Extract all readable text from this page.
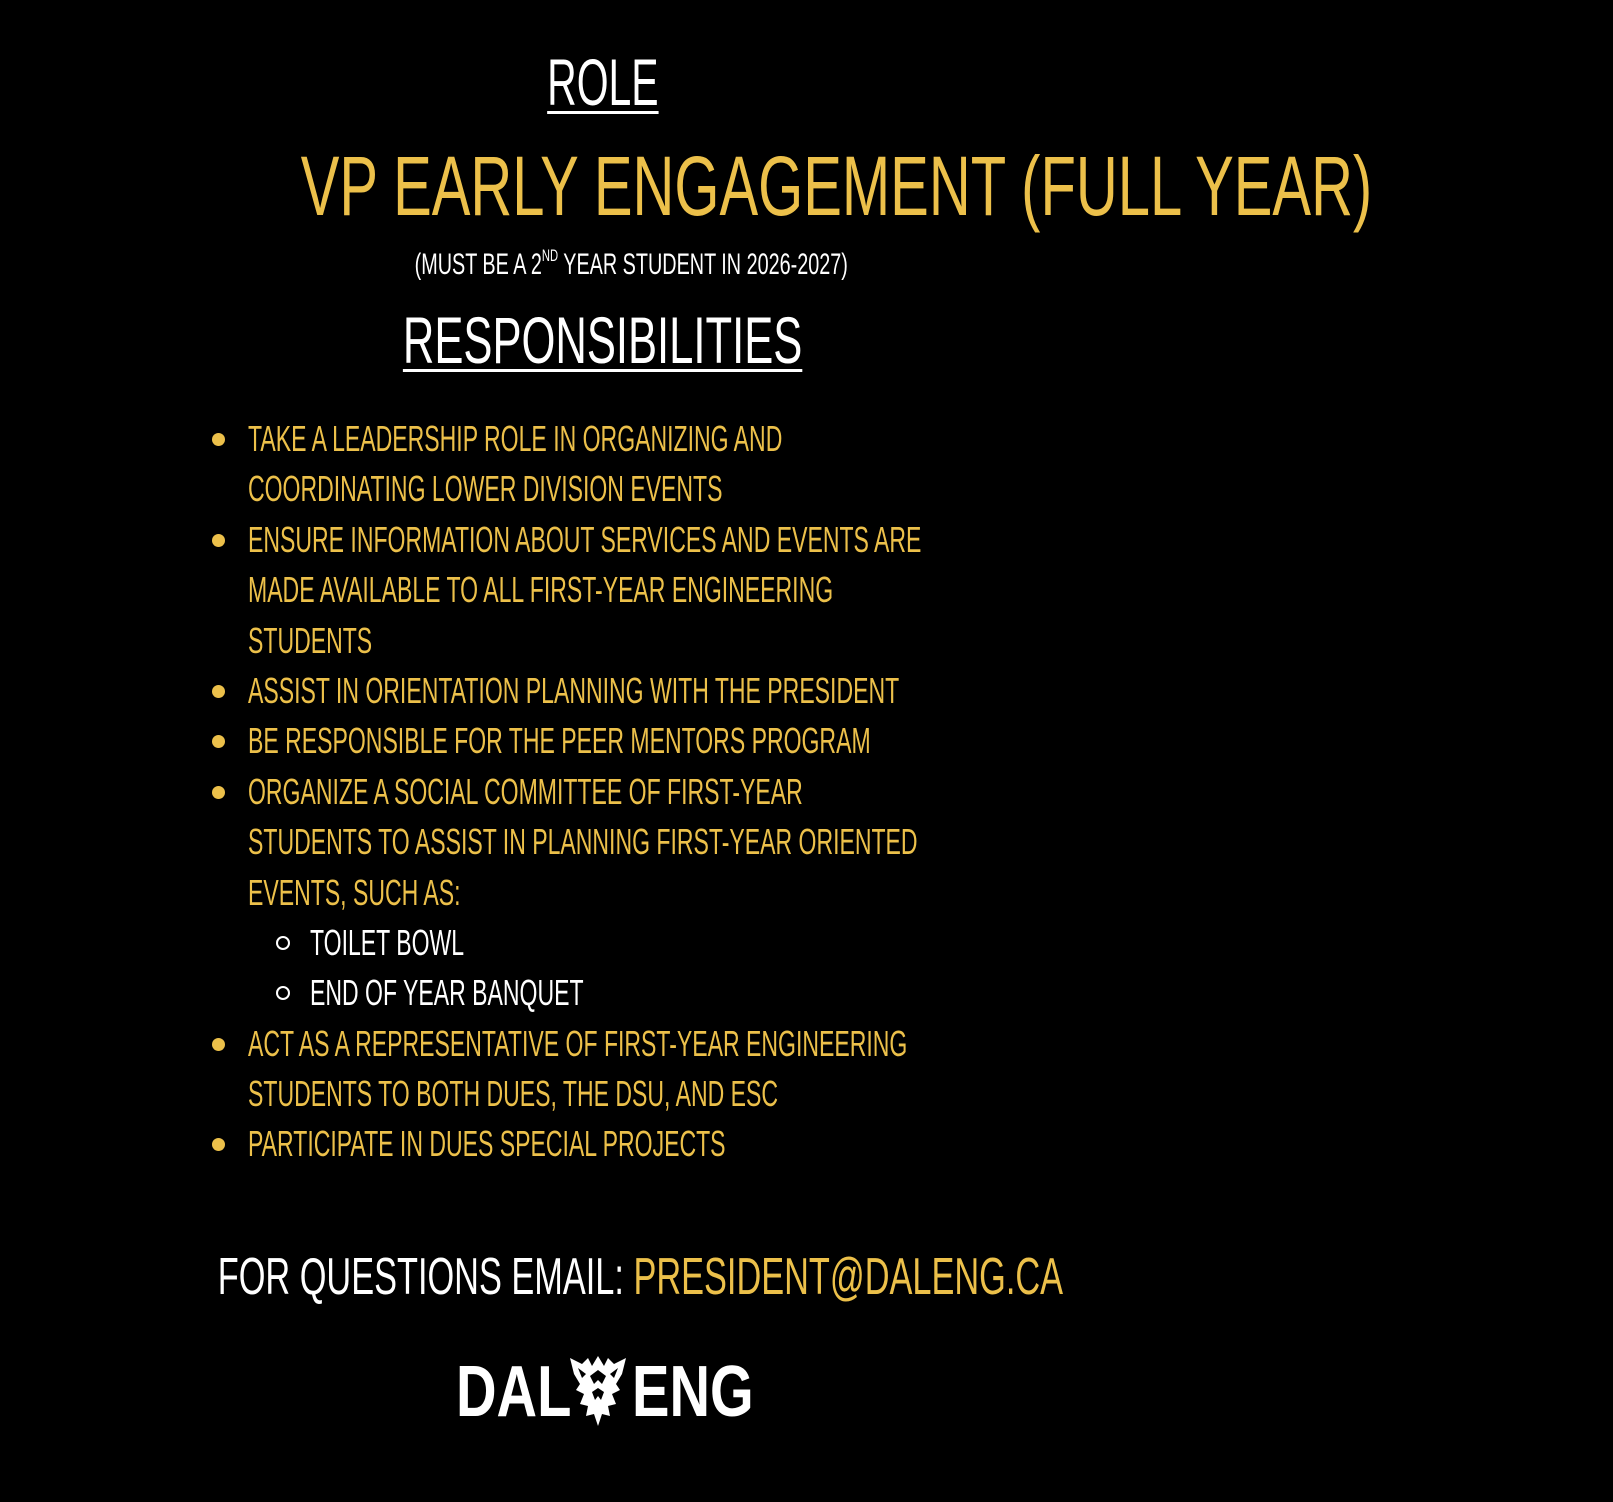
ROLE
VP EARLY ENGAGEMENT (FULL YEAR)
(MUST BE A 2ND YEAR STUDENT IN 2026-2027)
RESPONSIBILITIES
TAKE A LEADERSHIP ROLE IN ORGANIZING AND
COORDINATING LOWER DIVISION EVENTS
ENSURE INFORMATION ABOUT SERVICES AND EVENTS ARE
MADE AVAILABLE TO ALL FIRST-YEAR ENGINEERING
STUDENTS
ASSIST IN ORIENTATION PLANNING WITH THE PRESIDENT
BE RESPONSIBLE FOR THE PEER MENTORS PROGRAM
ORGANIZE A SOCIAL COMMITTEE OF FIRST-YEAR
STUDENTS TO ASSIST IN PLANNING FIRST-YEAR ORIENTED
EVENTS, SUCH AS:
TOILET BOWL
END OF YEAR BANQUET
ACT AS A REPRESENTATIVE OF FIRST-YEAR ENGINEERING
STUDENTS TO BOTH DUES, THE DSU, AND ESC
PARTICIPATE IN DUES SPECIAL PROJECTS
FOR QUESTIONS EMAIL: PRESIDENT@DALENG.CA
DAL ENG
